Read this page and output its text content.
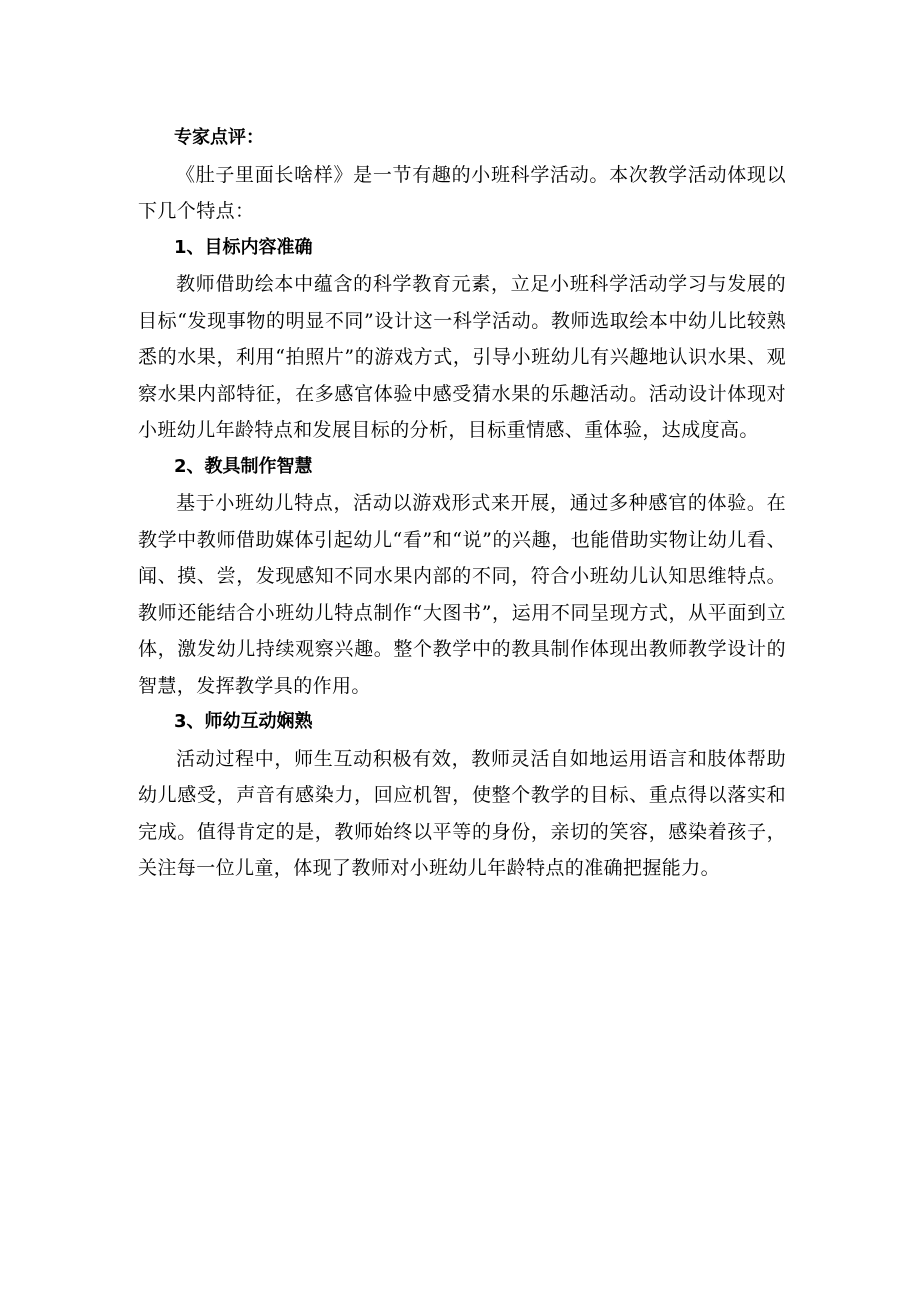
专家点评：

《肚子里面长啥样》是一节有趣的小班科学活动。本次教学活动体现以下几个特点：

1、目标内容准确

教师借助绘本中蕴含的科学教育元素，立足小班科学活动学习与发展的目标“发现事物的明显不同”设计这一科学活动。教师选取绘本中幼儿比较熟悉的水果，利用“拍照片”的游戏方式，引导小班幼儿有兴趣地认识水果、观察水果内部特征，在多感官体验中感受猜水果的乐趣活动。活动设计体现对小班幼儿年龄特点和发展目标的分析，目标重情感、重体验，达成度高。

2、教具制作智慧

基于小班幼儿特点，活动以游戏形式来开展，通过多种感官的体验。在教学中教师借助媒体引起幼儿“看”和“说”的兴趣，也能借助实物让幼儿看、闻、摸、尝，发现感知不同水果内部的不同，符合小班幼儿认知思维特点。教师还能结合小班幼儿特点制作“大图书”，运用不同呈现方式，从平面到立体，激发幼儿持续观察兴趣。整个教学中的教具制作体现出教师教学设计的智慧，发挥教学具的作用。

3、师幼互动娴熟

活动过程中，师生互动积极有效，教师灵活自如地运用语言和肢体帮助幼儿感受，声音有感染力，回应机智，使整个教学的目标、重点得以落实和完成。值得肯定的是，教师始终以平等的身份，亲切的笑容，感染着孩子，关注每一位儿童，体现了教师对小班幼儿年龄特点的准确把握能力。
